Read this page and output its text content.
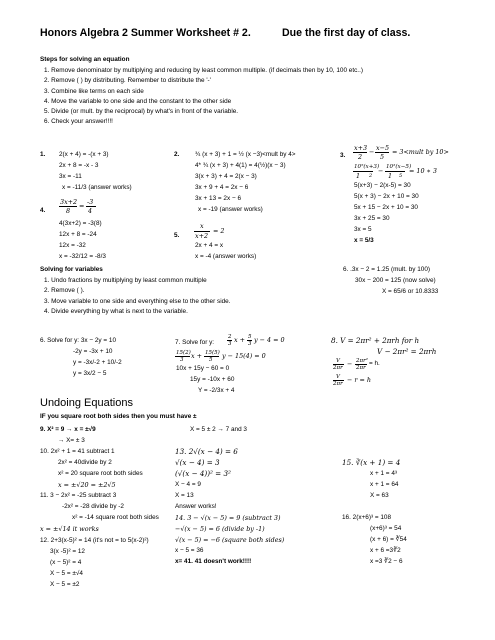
Honors Algebra 2 Summer Worksheet # 2.	Due the first day of class.
Steps for solving an equation
1. Remove denominator by multiplying and reducing by least common multiple. (if decimals then by 10, 100 etc..)
2. Remove ( ) by distributing. Remember to distribute the '-'
3. Combine like terms on each side
4. Move the variable to one side and the constant to the other side
5. Divide (or mult. by the reciprocal) by what's in front of the variable.
6. Check your answer!!!!
1. 2(x + 4) = -(x + 3)
2x + 8 = -x - 3
3x = -11
x = -11/3 (answer works)
4.
3x+2
8
= -3
4
4(3x+2) = -3(8)
12x + 8 = -24
12x = -32
x = -32/12 = -8/3
2. ¾ (x + 3) + 1 = ½ (x −3)<mult by 4>
4* ¾ (x + 3) + 4(1) = 4(½)(x − 3)
3(x + 3) + 4 = 2(x − 3)
3x + 9 + 4 = 2x − 6
3x + 13 = 2x − 6
x = -19 (answer works)
5.
x
x+2
= 2
2x + 4 = x
x = -4 (answer works)
3.
x+3
2
− x−5
5
= 3<mult by 10>
10⁵(x+3)
1 2
− 10²(x−5)
1 5
= 10 ∗ 3
5(x+3) − 2(x-5) = 30
5(x + 3) − 2x + 10 = 30
5x + 15 − 2x + 10 = 30
3x + 25 = 30
3x = 5
x = 5/3
Solving for variables
1. Undo fractions by multiplying by least common multiple
2. Remove ( ).
3. Move variable to one side and everything else to the other side.
4. Divide everything by what is next to the variable.
6. .3x − 2 = 1.25 (mult. by 100)
30x − 200 = 125 (now solve)
X = 65/6 or 10.8333
6. Solve for y: 3x − 2y = 10
-2y = -3x + 10
y = -3x/-2 + 10/-2
y = 3x/2 − 5
7. Solve for y:
2
3 x + 5
3 y − 4 = 0
15(2)
3 x + 15(5)
5 y − 15(4) = 0
10x + 15y − 60 = 0
15y = -10x + 60
Y = -2/3x + 4
8. V = 2πr² + 2πrh for h
V − 2πr² = 2πrh
V
2πr − 2πr²
2πr
= h.
V
2πr − r = h
Undoing Equations
IF you square root both sides then you must have ±
9. X² = 9 → x = ±√9	X = 5 ± 2 → 7 and 3
→ X= ± 3
10. 2x² + 1 = 41 subtract 1
2x² = 40divide by 2
x² = 20 square root both sides
x = ±√20 = ±2√5
11. 3 − 2x² = -25 subtract 3
-2x² = -28 divide by -2
x² = -14 square root both sides
x = ±√14 it works
12. 2+3(x-5)² = 14 (it's not = to 5(x-2)²)
3(x -5)² = 12
(x − 5)² = 4
X − 5 = ±√4
X − 5 = ±2
13. 2√(x − 4) = 6
√(x − 4) = 3
(√(x − 4))² = 3²
X − 4 = 9
X = 13
Answer works!
14. 3 − √(x − 5) = 9 (subtract 3)
−√(x − 5) = 6 (divide by -1)
√(x − 5) = −6 (square both sides)
x − 5 = 36
x= 41. 41 doesn't work!!!!
15. ∛(x + 1) = 4
x + 1 = 4³
x + 1 = 64
X = 63
16. 2(x+6)³ = 108
(x+6)³ = 54
(x + 6) = ∛54
x + 6 =3∛2
x =3 ∛2 − 6
